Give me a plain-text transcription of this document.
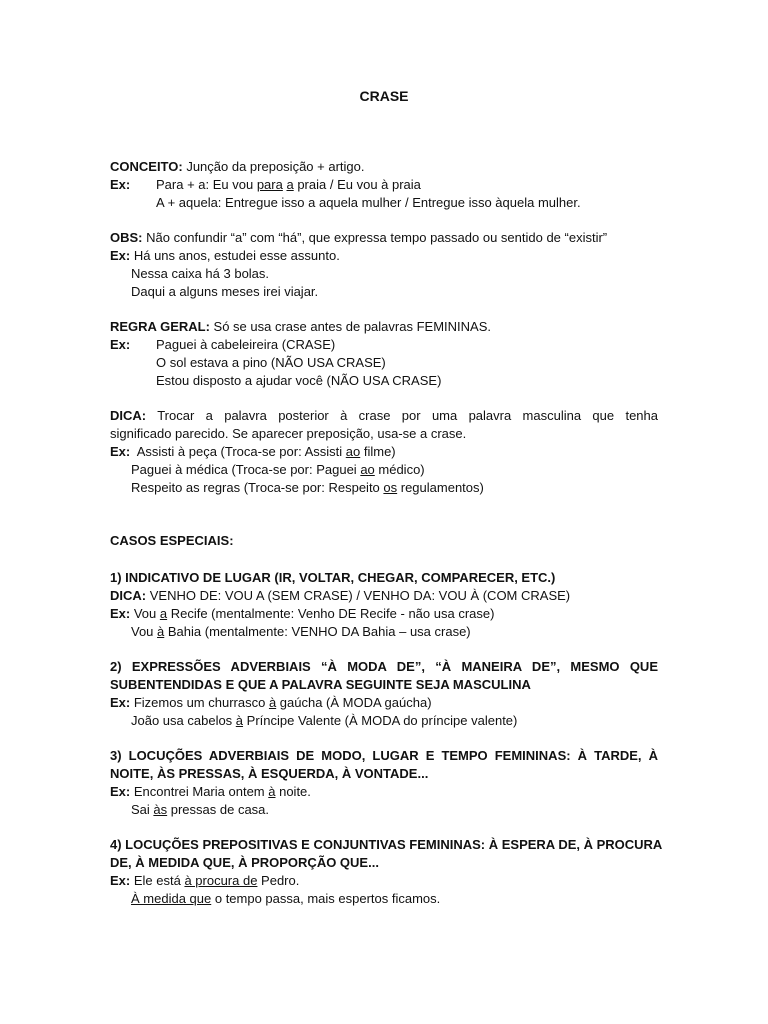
CRASE
CONCEITO: Junção da preposição + artigo.
Ex: Para + a: Eu vou para a praia / Eu vou à praia
A + aquela: Entregue isso a aquela mulher / Entregue isso àquela mulher.
OBS: Não confundir “a” com “há”, que expressa tempo passado ou sentido de “existir”
Ex: Há uns anos, estudei esse assunto.
Nessa caixa há 3 bolas.
Daqui a alguns meses irei viajar.
REGRA GERAL: Só se usa crase antes de palavras FEMININAS.
Ex: Paguei à cabeleireira (CRASE)
O sol estava a pino (NÃO USA CRASE)
Estou disposto a ajudar você (NÃO USA CRASE)
DICA: Trocar a palavra posterior à crase por uma palavra masculina que tenha
significado parecido. Se aparecer preposição, usa-se a crase.
Ex:  Assisti à peça (Troca-se por: Assisti ao filme)
Paguei à médica (Troca-se por: Paguei ao médico)
Respeito as regras (Troca-se por: Respeito os regulamentos)
CASOS ESPECIAIS:
1) INDICATIVO DE LUGAR (IR, VOLTAR, CHEGAR, COMPARECER, ETC.)
DICA: VENHO DE: VOU A (SEM CRASE) / VENHO DA: VOU À (COM CRASE)
Ex: Vou a Recife (mentalmente: Venho DE Recife - não usa crase)
Vou à Bahia (mentalmente: VENHO DA Bahia – usa crase)
2) EXPRESSÕES ADVERBIAIS “À MODA DE”, “À MANEIRA DE”, MESMO QUE
SUBENTENDIDAS E QUE A PALAVRA SEGUINTE SEJA MASCULINA
Ex: Fizemos um churrasco à gaúcha (À MODA gaúcha)
João usa cabelos à Príncipe Valente (À MODA do príncipe valente)
3) LOCUÇÕES ADVERBIAIS DE MODO, LUGAR E TEMPO FEMININAS: À TARDE, À
NOITE, ÀS PRESSAS, À ESQUERDA, À VONTADE...
Ex: Encontrei Maria ontem à noite.
Sai às pressas de casa.
4) LOCUÇÕES PREPOSITIVAS E CONJUNTIVAS FEMININAS: À ESPERA DE, À PROCURA
DE, À MEDIDA QUE, À PROPORÇÃO QUE...
Ex: Ele está à procura de Pedro.
À medida que o tempo passa, mais espertos ficamos.
